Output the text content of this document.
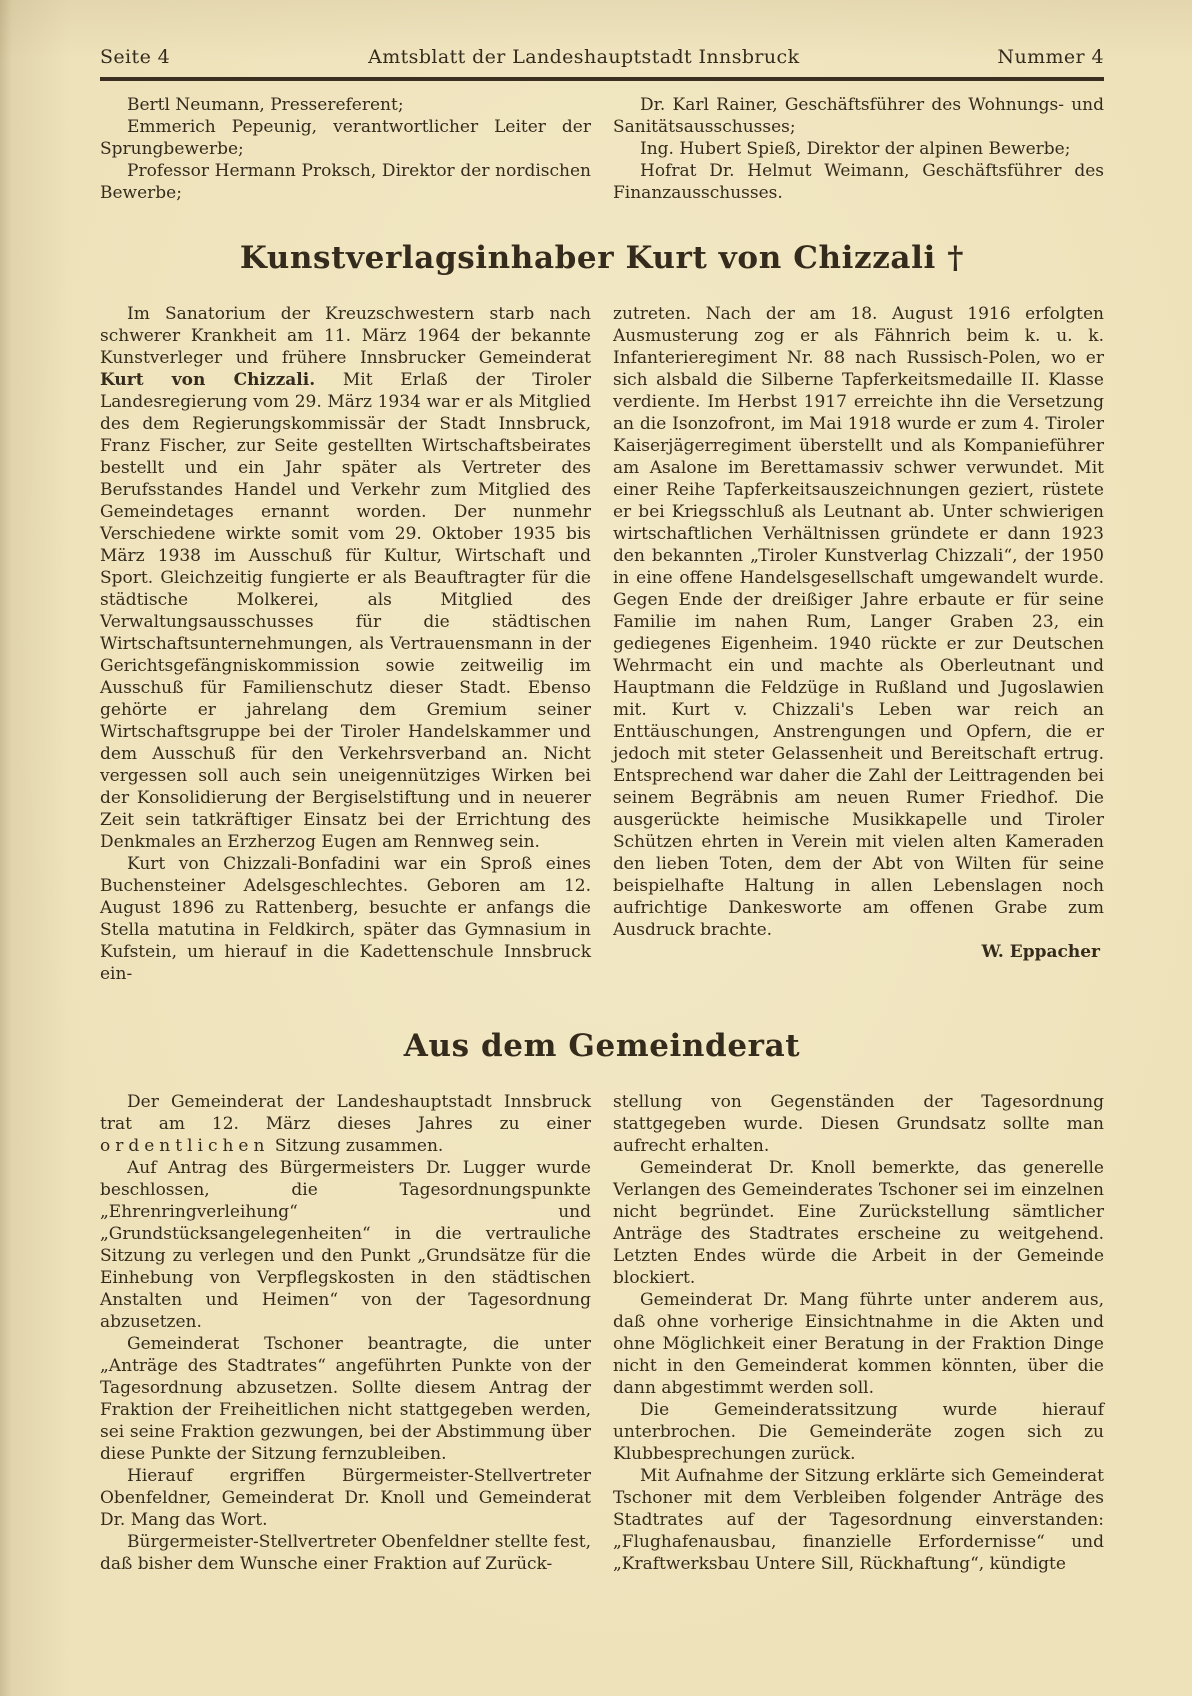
Seite 4	Amtsblatt der Landeshauptstadt Innsbruck	Nummer 4

Bertl Neumann, Pressereferent;

Emmerich Pepeunig, verantwortlicher Leiter der Sprungbewerbe;

Professor Hermann Proksch, Direktor der nordischen Bewerbe;

Dr. Karl Rainer, Geschäftsführer des Wohnungs- und Sanitätsausschusses;

Ing. Hubert Spieß, Direktor der alpinen Bewerbe;

Hofrat Dr. Helmut Weimann, Geschäftsführer des Finanzausschusses.

Kunstverlagsinhaber Kurt von Chizzali †

Im Sanatorium der Kreuzschwestern starb nach schwerer Krankheit am 11. März 1964 der bekannte Kunstverleger und frühere Innsbrucker Gemeinderat Kurt von Chizzali. Mit Erlaß der Tiroler Landesregierung vom 29. März 1934 war er als Mitglied des dem Regierungskommissär der Stadt Innsbruck, Franz Fischer, zur Seite gestellten Wirtschaftsbeirates bestellt und ein Jahr später als Vertreter des Berufsstandes Handel und Verkehr zum Mitglied des Gemeindetages ernannt worden. Der nunmehr Verschiedene wirkte somit vom 29. Oktober 1935 bis März 1938 im Ausschuß für Kultur, Wirtschaft und Sport. Gleichzeitig fungierte er als Beauftragter für die städtische Molkerei, als Mitglied des Verwaltungsausschusses für die städtischen Wirtschaftsunternehmungen, als Vertrauensmann in der Gerichtsgefängniskommission sowie zeitweilig im Ausschuß für Familienschutz dieser Stadt. Ebenso gehörte er jahrelang dem Gremium seiner Wirtschaftsgruppe bei der Tiroler Handelskammer und dem Ausschuß für den Verkehrsverband an. Nicht vergessen soll auch sein uneigennütziges Wirken bei der Konsolidierung der Bergiselstiftung und in neuerer Zeit sein tatkräftiger Einsatz bei der Errichtung des Denkmales an Erzherzog Eugen am Rennweg sein.

Kurt von Chizzali-Bonfadini war ein Sproß eines Buchensteiner Adelsgeschlechtes. Geboren am 12. August 1896 zu Rattenberg, besuchte er anfangs die Stella matutina in Feldkirch, später das Gymnasium in Kufstein, um hierauf in die Kadettenschule Innsbruck ein-

zutreten. Nach der am 18. August 1916 erfolgten Ausmusterung zog er als Fähnrich beim k. u. k. Infanterieregiment Nr. 88 nach Russisch-Polen, wo er sich alsbald die Silberne Tapferkeitsmedaille II. Klasse verdiente. Im Herbst 1917 erreichte ihn die Versetzung an die Isonzofront, im Mai 1918 wurde er zum 4. Tiroler Kaiserjägerregiment überstellt und als Kompanieführer am Asalone im Berettamassiv schwer verwundet. Mit einer Reihe Tapferkeitsauszeichnungen geziert, rüstete er bei Kriegsschluß als Leutnant ab. Unter schwierigen wirtschaftlichen Verhältnissen gründete er dann 1923 den bekannten „Tiroler Kunstverlag Chizzali“, der 1950 in eine offene Handelsgesellschaft umgewandelt wurde. Gegen Ende der dreißiger Jahre erbaute er für seine Familie im nahen Rum, Langer Graben 23, ein gediegenes Eigenheim. 1940 rückte er zur Deutschen Wehrmacht ein und machte als Oberleutnant und Hauptmann die Feldzüge in Rußland und Jugoslawien mit. Kurt v. Chizzali's Leben war reich an Enttäuschungen, Anstrengungen und Opfern, die er jedoch mit steter Gelassenheit und Bereitschaft ertrug. Entsprechend war daher die Zahl der Leittragenden bei seinem Begräbnis am neuen Rumer Friedhof. Die ausgerückte heimische Musikkapelle und Tiroler Schützen ehrten in Verein mit vielen alten Kameraden den lieben Toten, dem der Abt von Wilten für seine beispielhafte Haltung in allen Lebenslagen noch aufrichtige Dankesworte am offenen Grabe zum Ausdruck brachte.

W. Eppacher

Aus dem Gemeinderat

Der Gemeinderat der Landeshauptstadt Innsbruck trat am 12. März dieses Jahres zu einer ordentlichen Sitzung zusammen.

Auf Antrag des Bürgermeisters Dr. Lugger wurde beschlossen, die Tagesordnungspunkte „Ehrenringverleihung“ und „Grundstücksangelegenheiten“ in die vertrauliche Sitzung zu verlegen und den Punkt „Grundsätze für die Einhebung von Verpflegskosten in den städtischen Anstalten und Heimen“ von der Tagesordnung abzusetzen.

Gemeinderat Tschoner beantragte, die unter „Anträge des Stadtrates“ angeführten Punkte von der Tagesordnung abzusetzen. Sollte diesem Antrag der Fraktion der Freiheitlichen nicht stattgegeben werden, sei seine Fraktion gezwungen, bei der Abstimmung über diese Punkte der Sitzung fernzubleiben.

Hierauf ergriffen Bürgermeister-Stellvertreter Obenfeldner, Gemeinderat Dr. Knoll und Gemeinderat Dr. Mang das Wort.

Bürgermeister-Stellvertreter Obenfeldner stellte fest, daß bisher dem Wunsche einer Fraktion auf Zurück-

stellung von Gegenständen der Tagesordnung stattgegeben wurde. Diesen Grundsatz sollte man aufrecht erhalten.

Gemeinderat Dr. Knoll bemerkte, das generelle Verlangen des Gemeinderates Tschoner sei im einzelnen nicht begründet. Eine Zurückstellung sämtlicher Anträge des Stadtrates erscheine zu weitgehend. Letzten Endes würde die Arbeit in der Gemeinde blockiert.

Gemeinderat Dr. Mang führte unter anderem aus, daß ohne vorherige Einsichtnahme in die Akten und ohne Möglichkeit einer Beratung in der Fraktion Dinge nicht in den Gemeinderat kommen könnten, über die dann abgestimmt werden soll.

Die Gemeinderatssitzung wurde hierauf unterbrochen. Die Gemeinderäte zogen sich zu Klubbesprechungen zurück.

Mit Aufnahme der Sitzung erklärte sich Gemeinderat Tschoner mit dem Verbleiben folgender Anträge des Stadtrates auf der Tagesordnung einverstanden: „Flughafenausbau, finanzielle Erfordernisse“ und „Kraftwerksbau Untere Sill, Rückhaftung“, kündigte
